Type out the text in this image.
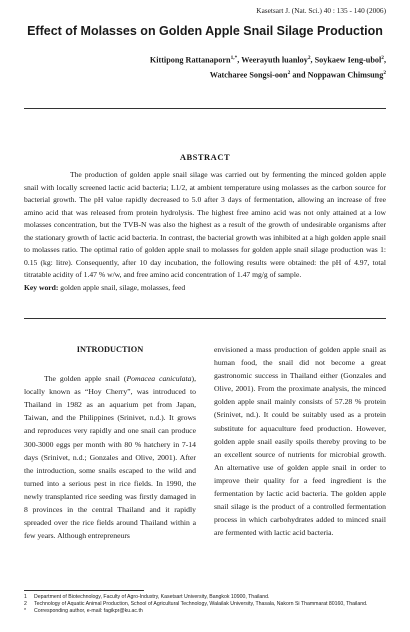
Kasetsart J. (Nat. Sci.) 40 : 135 - 140 (2006)
Effect of Molasses on Golden Apple Snail Silage Production
Kittipong Rattanaporn$^{1,*}$, Weerayuth luanloy$^2$, Soykaew Ieng-ubol$^2$,
Watcharee Songsi-oon$^2$ and Noppawan Chimsung$^2$
ABSTRACT

The production of golden apple snail silage was carried out by fermenting the minced golden apple snail with locally screened lactic acid bacteria; L1/2, at ambient temperature using molasses as the carbon source for bacterial growth. The pH value rapidly decreased to 5.0 after 3 days of fermentation, allowing an increase of free amino acid that was released from protein hydrolysis. The highest free amino acid was not only attained at a low molasses concentration, but the TVB-N was also the highest as a result of the growth of undesirable organisms after the stationary growth of lactic acid bacteria. In contrast, the bacterial growth was inhibited at a high golden apple snail to molasses ratio. The optimal ratio of golden apple snail to molasses for golden apple snail silage production was 1: 0.15 (kg: litre). Consequently, after 10 day incubation, the following results were obtained: the pH of 4.97, total titratable acidity of 1.47 % w/w, and free amino acid concentration of 1.47 mg/g of sample.

Key word: golden apple snail, silage, molasses, feed
INTRODUCTION

The golden apple snail (Pomacea caniculata), locally known as “Hoy Cherry”, was introduced to Thailand in 1982 as an aquarium pet from Japan, Taiwan, and the Philippines (Srinivet, n.d.). It grows and reproduces very rapidly and one snail can produce 300-3000 eggs per month with 80 % hatchery in 7-14 days (Srinivet, n.d.; Gonzales and Olive, 2001). After the introduction, some snails escaped to the wild and turned into a serious pest in rice fields. In 1990, the newly transplanted rice seeding was firstly damaged in 8 provinces in the central Thailand and it rapidly spreaded over the rice fields around Thailand within a few years. Although entrepreneurs

envisioned a mass production of golden apple snail as human food, the snail did not become a great gastronomic success in Thailand either (Gonzales and Olive, 2001). From the proximate analysis, the minced golden apple snail mainly consists of 57.28 % protein (Srinivet, nd.). It could be suitably used as a protein substitute for aquaculture feed production. However, golden apple snail easily spoils thereby proving to be an excellent source of nutrients for microbial growth. An alternative use of golden apple snail in order to improve their quality for a feed ingredient is the fermentation by lactic acid bacteria. The golden apple snail silage is the product of a controlled fermentation process in which carbohydrates added to minced snail are fermented with lactic acid bacteria.

1	Department of Biotechnology, Faculty of Agro-Industry, Kasetsart University, Bangkok 10900, Thailand.
2	Technology of Aquatic Animal Production, School of Agricultural Technology, Walailak University, Thasala, Nakorn Si Thammarat 80160, Thailand.
*	Corresponding author, e-mail: fagikpr@ku.ac.th
